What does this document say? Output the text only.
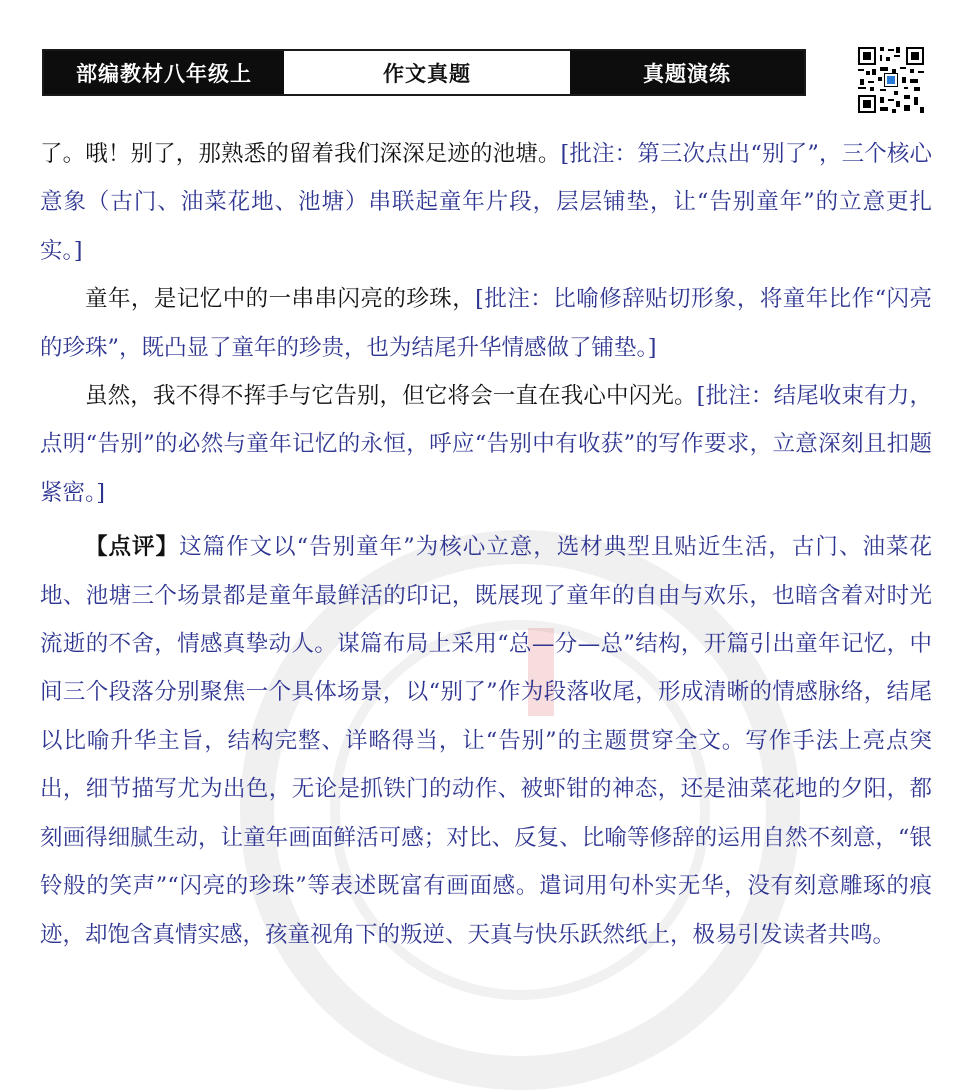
部编教材八年级上	作文真题	真题演练

了。哦！别了，那熟悉的留着我们深深足迹的池塘。[批注：第三次点出“别了”，三个核心意象（古门、油菜花地、池塘）串联起童年片段，层层铺垫，让“告别童年”的立意更扎实。]

童年，是记忆中的一串串闪亮的珍珠，[批注：比喻修辞贴切形象，将童年比作“闪亮的珍珠”，既凸显了童年的珍贵，也为结尾升华情感做了铺垫。]

虽然，我不得不挥手与它告别，但它将会一直在我心中闪光。[批注：结尾收束有力，点明“告别”的必然与童年记忆的永恒，呼应“告别中有收获”的写作要求，立意深刻且扣题紧密。]

【点评】这篇作文以“告别童年”为核心立意，选材典型且贴近生活，古门、油菜花地、池塘三个场景都是童年最鲜活的印记，既展现了童年的自由与欢乐，也暗含着对时光流逝的不舍，情感真挚动人。谋篇布局上采用“总—分—总”结构，开篇引出童年记忆，中间三个段落分别聚焦一个具体场景，以“别了”作为段落收尾，形成清晰的情感脉络，结尾以比喻升华主旨，结构完整、详略得当，让“告别”的主题贯穿全文。写作手法上亮点突出，细节描写尤为出色，无论是抓铁门的动作、被虾钳的神态，还是油菜花地的夕阳，都刻画得细腻生动，让童年画面鲜活可感；对比、反复、比喻等修辞的运用自然不刻意，“银铃般的笑声”“闪亮的珍珠”等表述既富有画面感。遣词用句朴实无华，没有刻意雕琢的痕迹，却饱含真情实感，孩童视角下的叛逆、天真与快乐跃然纸上，极易引发读者共鸣。
